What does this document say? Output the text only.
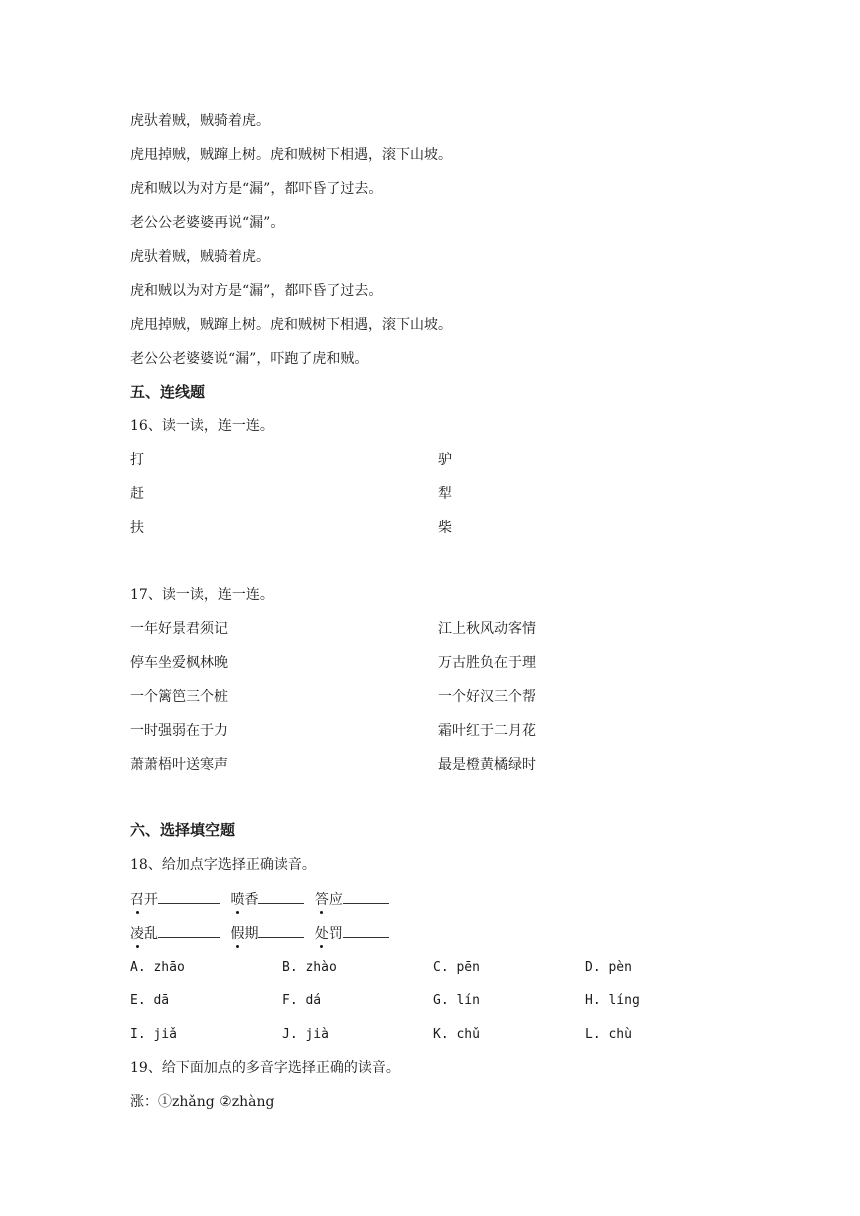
虎驮着贼，贼骑着虎。
虎甩掉贼，贼蹿上树。虎和贼树下相遇，滚下山坡。
虎和贼以为对方是“漏”，都吓昏了过去。
老公公老婆婆再说“漏”。
虎驮着贼，贼骑着虎。
虎和贼以为对方是“漏”，都吓昏了过去。
虎甩掉贼，贼蹿上树。虎和贼树下相遇，滚下山坡。
老公公老婆婆说“漏”，吓跑了虎和贼。
五、连线题
16、读一读，连一连。
打	驴
赶	犁
扶	柴
17、读一读，连一连。
一年好景君须记	江上秋风动客情
停车坐爱枫林晚	万古胜负在于理
一个篱笆三个桩	一个好汉三个帮
一时强弱在于力	霜叶红于二月花
萧萧梧叶送寒声	最是橙黄橘绿时
六、选择填空题
18、给加点字选择正确读音。
召开	喷香	答应
凌乱	假期	处罚
A. zhāo	B. zhào	C. pēn	D. pèn
E. dā	F. dá	G. lín	H. líng
I. jiǎ	J. jià	K. chǔ	L. chù
19、给下面加点的多音字选择正确的读音。
涨：①zhǎng ②zhàng
